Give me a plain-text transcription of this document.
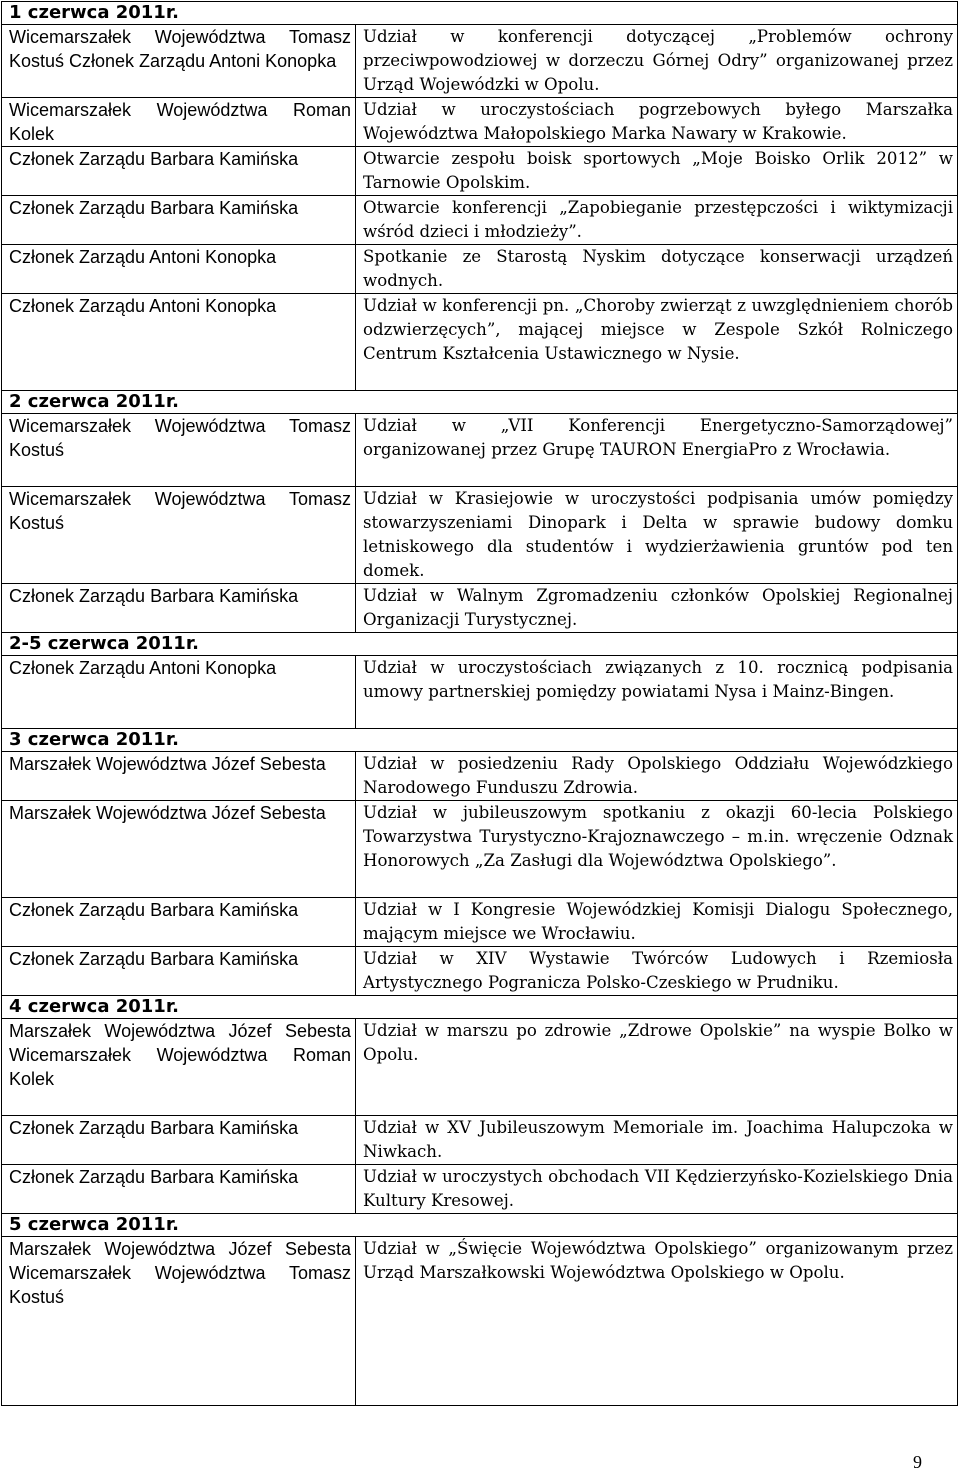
1 czerwca 2011r.	
Wicemarszałek Województwa Tomasz Kostuś Członek Zarządu Antoni Konopka	Udział w konferencji dotyczącej „Problemów ochrony przeciwpowodziowej w dorzeczu Górnej Odry” organizowanej przez Urząd Wojewódzki w Opolu.
Wicemarszałek Województwa Roman Kolek	Udział w uroczystościach pogrzebowych byłego Marszałka Województwa Małopolskiego Marka Nawary w Krakowie.
Członek Zarządu Barbara Kamińska	Otwarcie zespołu boisk sportowych „Moje Boisko Orlik 2012” w Tarnowie Opolskim.
Członek Zarządu Barbara Kamińska	Otwarcie konferencji „Zapobieganie przestępczości i wiktymizacji wśród dzieci i młodzieży”.
Członek Zarządu Antoni Konopka	Spotkanie ze Starostą Nyskim dotyczące konserwacji urządzeń wodnych.
Członek Zarządu Antoni Konopka	Udział w konferencji pn. „Choroby zwierząt z uwzględnieniem chorób odzwierzęcych”, mającej miejsce w Zespole Szkół Rolniczego Centrum Kształcenia Ustawicznego w Nysie.
2 czerwca 2011r.	
Wicemarszałek Województwa Tomasz Kostuś	Udział w „VII Konferencji Energetyczno-Samorządowej” organizowanej przez Grupę TAURON EnergiaPro z Wrocławia.
Wicemarszałek Województwa Tomasz Kostuś	Udział w Krasiejowie w uroczystości podpisania umów pomiędzy stowarzyszeniami Dinopark i Delta w sprawie budowy domku letniskowego dla studentów i wydzierżawienia gruntów pod ten domek.
Członek Zarządu Barbara Kamińska	Udział w Walnym Zgromadzeniu członków Opolskiej Regionalnej Organizacji Turystycznej.
2-5 czerwca 2011r.	
Członek Zarządu Antoni Konopka	Udział w uroczystościach związanych z 10. rocznicą podpisania umowy partnerskiej pomiędzy powiatami Nysa i Mainz-Bingen.
3 czerwca 2011r.	
Marszałek Województwa Józef Sebesta	Udział w posiedzeniu Rady Opolskiego Oddziału Wojewódzkiego Narodowego Funduszu Zdrowia.
Marszałek Województwa Józef Sebesta	Udział w jubileuszowym spotkaniu z okazji 60-lecia Polskiego Towarzystwa Turystyczno-Krajoznawczego – m.in. wręczenie Odznak Honorowych „Za Zasługi dla Województwa Opolskiego”.
Członek Zarządu Barbara Kamińska	Udział w I Kongresie Wojewódzkiej Komisji Dialogu Społecznego, mającym miejsce we Wrocławiu.
Członek Zarządu Barbara Kamińska	Udział w XIV Wystawie Twórców Ludowych i Rzemiosła Artystycznego Pogranicza Polsko-Czeskiego w Prudniku.
4 czerwca 2011r.	
Marszałek Województwa Józef Sebesta Wicemarszałek Województwa Roman Kolek	Udział w marszu po zdrowie „Zdrowe Opolskie” na wyspie Bolko w Opolu.
Członek Zarządu Barbara Kamińska	Udział w XV Jubileuszowym Memoriale im. Joachima Halupczoka w Niwkach.
Członek Zarządu Barbara Kamińska	Udział w uroczystych obchodach VII Kędzierzyńsko-Kozielskiego Dnia Kultury Kresowej.
5 czerwca 2011r.	
Marszałek Województwa Józef Sebesta Wicemarszałek Województwa Tomasz Kostuś	Udział w „Święcie Województwa Opolskiego” organizowanym przez Urząd Marszałkowski Województwa Opolskiego w Opolu.
9
